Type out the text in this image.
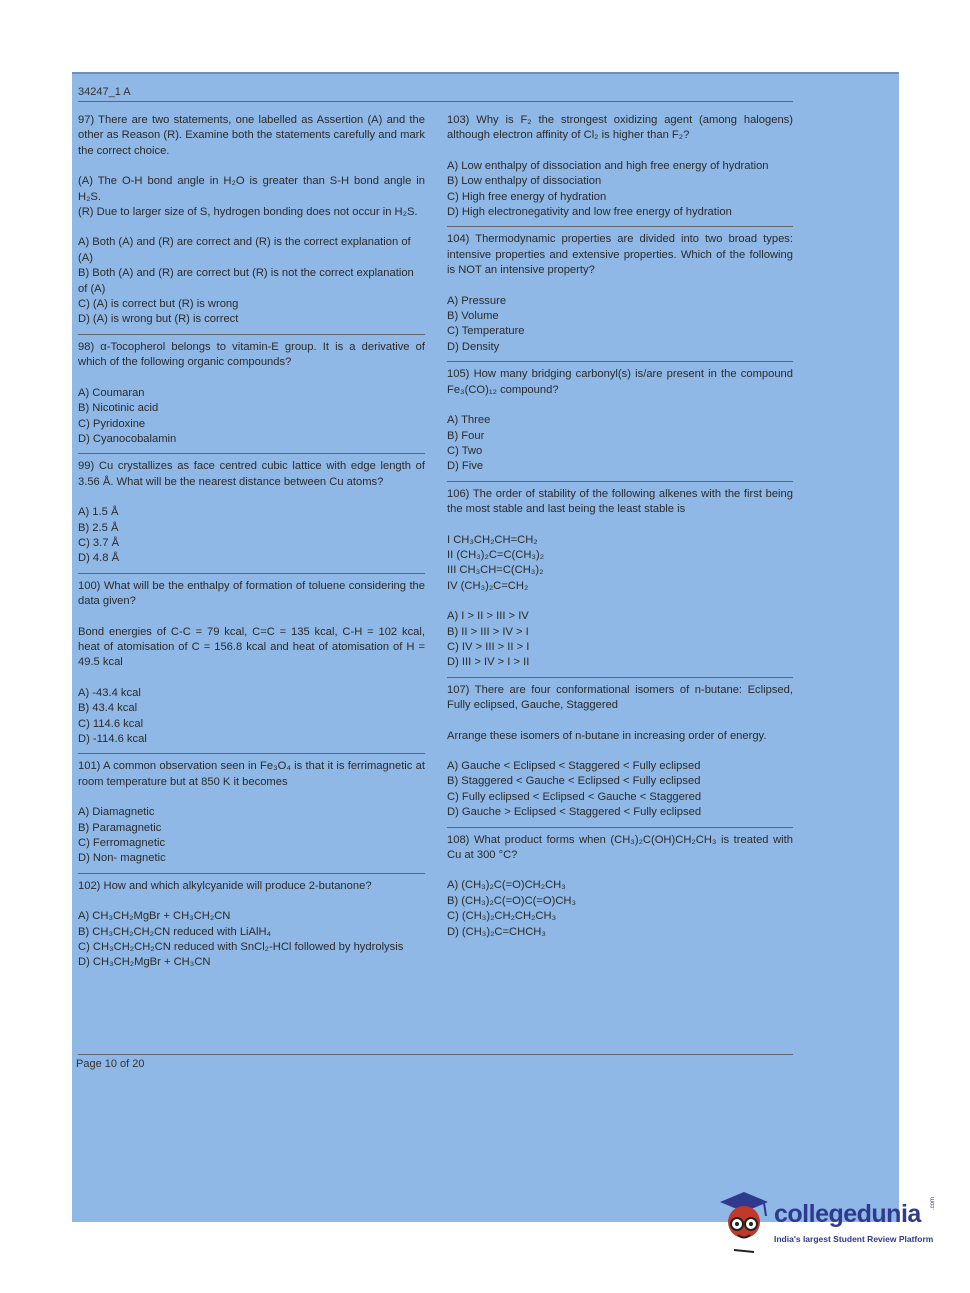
34247_1 A
97) There are two statements, one labelled as Assertion (A) and the other as Reason (R). Examine both the statements carefully and mark the correct choice.
(A) The O-H bond angle in H₂O is greater than S-H bond angle in H₂S.
(R) Due to larger size of S, hydrogen bonding does not occur in H₂S.
A) Both (A) and (R) are correct and (R) is the correct explanation of (A)
B) Both (A) and (R) are correct but (R) is not the correct explanation of (A)
C) (A) is correct but (R) is wrong
D) (A) is wrong but (R) is correct
98) α-Tocopherol belongs to vitamin-E group. It is a derivative of which of the following organic compounds?
A) Coumaran
B) Nicotinic acid
C) Pyridoxine
D) Cyanocobalamin
99) Cu crystallizes as face centred cubic lattice with edge length of 3.56 Å. What will be the nearest distance between Cu atoms?
A) 1.5 Å
B) 2.5 Å
C) 3.7 Å
D) 4.8 Å
100) What will be the enthalpy of formation of toluene considering the data given?
Bond energies of C-C = 79 kcal, C=C = 135 kcal, C-H = 102 kcal, heat of atomisation of C = 156.8 kcal and heat of atomisation of H = 49.5 kcal
A) -43.4 kcal
B) 43.4 kcal
C) 114.6 kcal
D) -114.6 kcal
101) A common observation seen in Fe₃O₄ is that it is ferrimagnetic at room temperature but at 850 K it becomes
A) Diamagnetic
B) Paramagnetic
C) Ferromagnetic
D) Non- magnetic
102) How and which alkylcyanide will produce 2-butanone?
A) CH₃CH₂MgBr + CH₃CH₂CN
B) CH₃CH₂CH₂CN reduced with LiAlH₄
C) CH₃CH₂CH₂CN reduced with SnCl₂-HCl followed by hydrolysis
D) CH₃CH₂MgBr + CH₃CN
103) Why is F₂ the strongest oxidizing agent (among halogens) although electron affinity of Cl₂ is higher than F₂?
A) Low enthalpy of dissociation and high free energy of hydration
B) Low enthalpy of dissociation
C) High free energy of hydration
D) High electronegativity and low free energy of hydration
104) Thermodynamic properties are divided into two broad types: intensive properties and extensive properties. Which of the following is NOT an intensive property?
A) Pressure
B) Volume
C) Temperature
D) Density
105) How many bridging carbonyl(s) is/are present in the compound Fe₃(CO)₁₂ compound?
A) Three
B) Four
C) Two
D) Five
106) The order of stability of the following alkenes with the first being the most stable and last being the least stable is
I CH₃CH₂CH=CH₂
II (CH₃)₂C=C(CH₃)₂
III CH₃CH=C(CH₃)₂
IV (CH₃)₂C=CH₂
A) I > II > III > IV
B) II > III > IV > I
C) IV > III > II > I
D) III > IV > I > II
107) There are four conformational isomers of n-butane: Eclipsed, Fully eclipsed, Gauche, Staggered
Arrange these isomers of n-butane in increasing order of energy.
A) Gauche < Eclipsed < Staggered < Fully eclipsed
B) Staggered < Gauche < Eclipsed < Fully eclipsed
C) Fully eclipsed < Eclipsed < Gauche < Staggered
D) Gauche > Eclipsed < Staggered < Fully eclipsed
108) What product forms when (CH₃)₂C(OH)CH₂CH₃ is treated with Cu at 300 °C?
A) (CH₃)₂C(=O)CH₂CH₃
B) (CH₃)₂C(=O)C(=O)CH₃
C) (CH₃)₂CH₂CH₂CH₃
D) (CH₃)₂C=CHCH₃
Page 10 of 20
collegedunia .com
India's largest Student Review Platform
